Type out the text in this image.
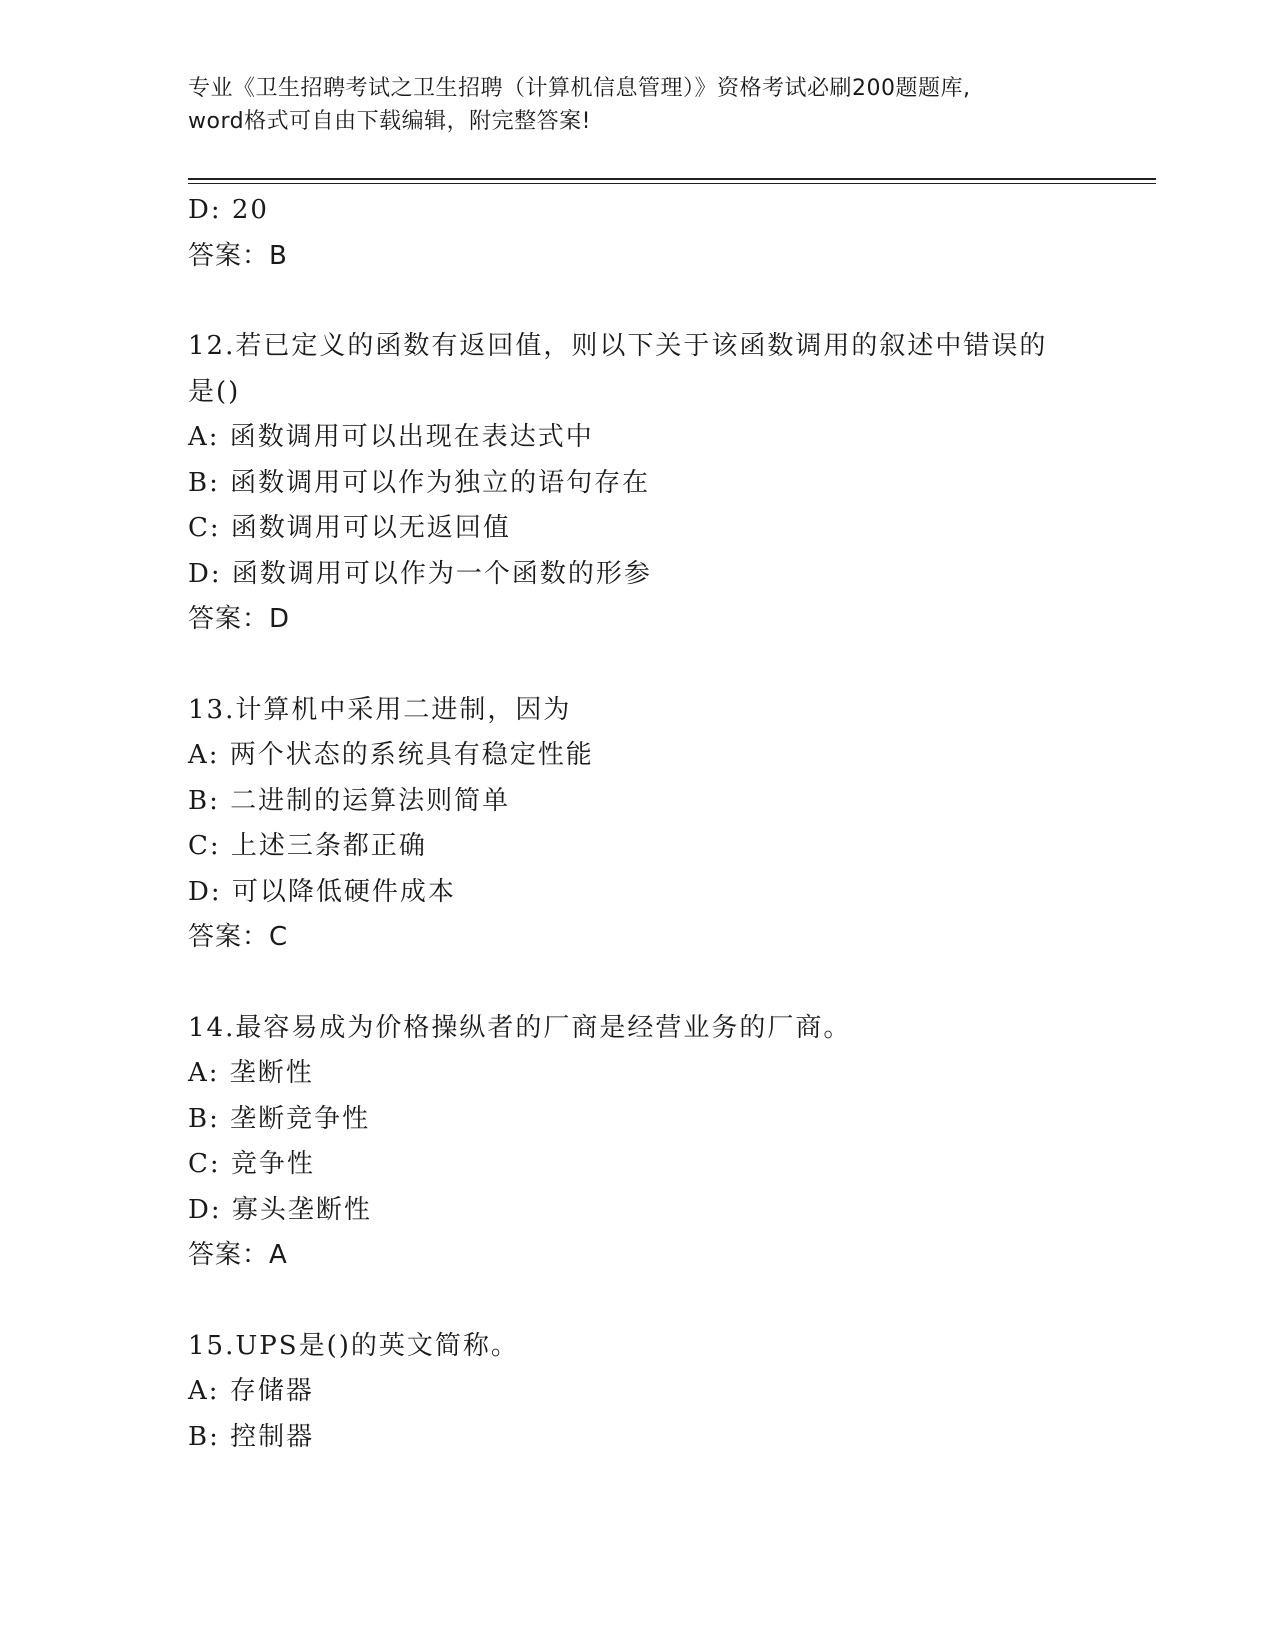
专业《卫生招聘考试之卫生招聘（计算机信息管理）》资格考试必刷200题题库,
word格式可自由下载编辑，附完整答案!
D: 20
答案：B
12.若已定义的函数有返回值，则以下关于该函数调用的叙述中错误的
是()
A: 函数调用可以出现在表达式中
B: 函数调用可以作为独立的语句存在
C: 函数调用可以无返回值
D: 函数调用可以作为一个函数的形参
答案：D
13.计算机中采用二进制，因为
A: 两个状态的系统具有稳定性能
B: 二进制的运算法则简单
C: 上述三条都正确
D: 可以降低硬件成本
答案：C
14.最容易成为价格操纵者的厂商是经营业务的厂商。
A: 垄断性
B: 垄断竞争性
C: 竞争性
D: 寡头垄断性
答案：A
15.UPS是()的英文简称。
A: 存储器
B: 控制器
